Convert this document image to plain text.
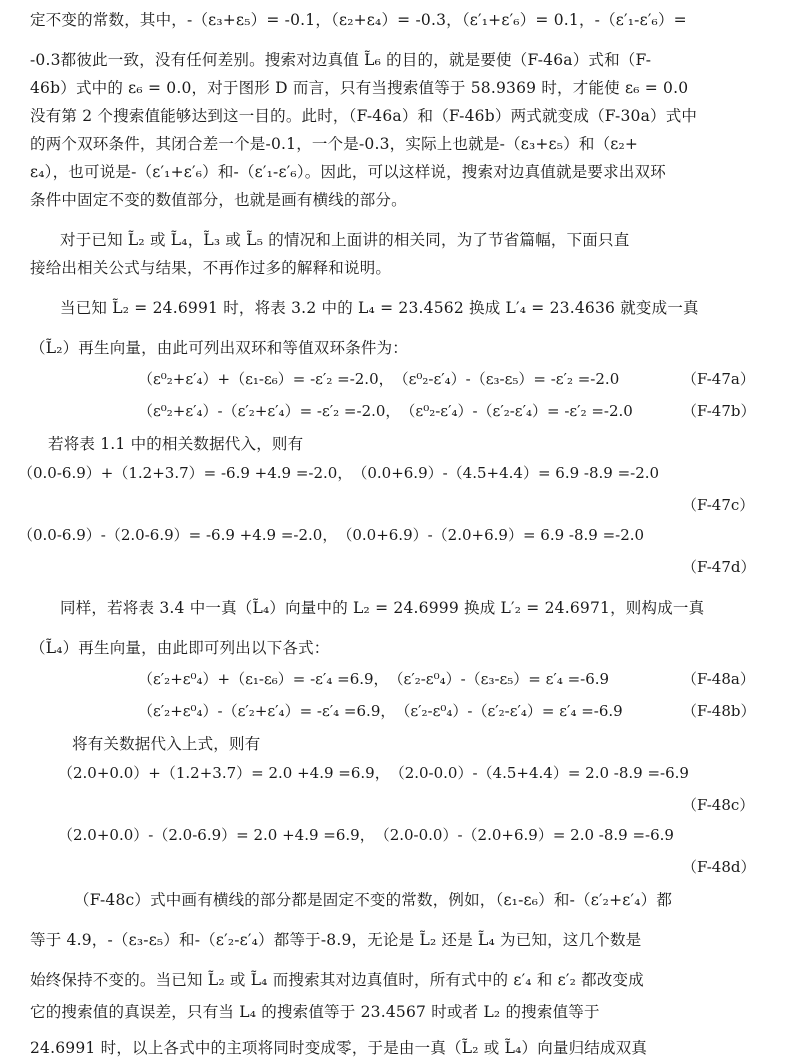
定不变的常数，其中，-（ε₃+ε₅）= -0.1，（ε₂+ε₄）= -0.3，（ε′₁+ε′₆）= 0.1，-（ε′₁-ε′₆）=
-0.3都彼此一致，没有任何差别。搜索对边真值 L̃₆ 的目的，就是要使（F-46a）式和（F-
46b）式中的 ε₆ = 0.0，对于图形 D 而言，只有当搜索值等于 58.9369 时，才能使 ε₆ = 0.0
没有第 2 个搜索值能够达到这一目的。此时，（F-46a）和（F-46b）两式就变成（F-30a）式中
的两个双环条件，其闭合差一个是-0.1，一个是-0.3，实际上也就是-（ε₃+ε₅）和（ε₂+
ε₄），也可说是-（ε′₁+ε′₆）和-（ε′₁-ε′₆）。因此，可以这样说，搜索对边真值就是要求出双环
条件中固定不变的数值部分，也就是画有横线的部分。
对于已知 L̃₂ 或 L̃₄，L̃₃ 或 L̃₅ 的情况和上面讲的相关同，为了节省篇幅，下面只直
接给出相关公式与结果，不再作过多的解释和说明。
当已知 L̃₂ = 24.6991 时，将表 3.2 中的 L₄ = 23.4562 换成 L′₄ = 23.4636 就变成一真
（L̃₂）再生向量，由此可列出双环和等值双环条件为：
（ε⁰₂+ε′₄）+（ε₁-ε₆）= -ε′₂ =-2.0，　（ε⁰₂-ε′₄）-（ε₃-ε₅）= -ε′₂ =-2.0	（F-47a）
（ε⁰₂+ε′₄）-（ε′₂+ε′₄）= -ε′₂ =-2.0，　（ε⁰₂-ε′₄）-（ε′₂-ε′₄）= -ε′₂ =-2.0	（F-47b）
若将表 1.1 中的相关数据代入，则有
（0.0-6.9）+（1.2+3.7）= -6.9 +4.9 =-2.0，　（0.0+6.9）-（4.5+4.4）= 6.9 -8.9 =-2.0
（F-47c）
（0.0-6.9）-（2.0-6.9）= -6.9 +4.9 =-2.0，　（0.0+6.9）-（2.0+6.9）= 6.9 -8.9 =-2.0
（F-47d）
同样，若将表 3.4 中一真（L̃₄）向量中的 L₂ = 24.6999 换成 L′₂ = 24.6971，则构成一真
（L̃₄）再生向量，由此即可列出以下各式：
（ε′₂+ε⁰₄）+（ε₁-ε₆）= -ε′₄ =6.9，　（ε′₂-ε⁰₄）-（ε₃-ε₅）= ε′₄ =-6.9	（F-48a）
（ε′₂+ε⁰₄）-（ε′₂+ε′₄）= -ε′₄ =6.9，　（ε′₂-ε⁰₄）-（ε′₂-ε′₄）= ε′₄ =-6.9	（F-48b）
将有关数据代入上式，则有
（2.0+0.0）+（1.2+3.7）= 2.0 +4.9 =6.9，　（2.0-0.0）-（4.5+4.4）= 2.0 -8.9 =-6.9
（F-48c）
（2.0+0.0）-（2.0-6.9）= 2.0 +4.9 =6.9，　（2.0-0.0）-（2.0+6.9）= 2.0 -8.9 =-6.9
（F-48d）
（F-48c）式中画有横线的部分都是固定不变的常数，例如，（ε₁-ε₆）和-（ε′₂+ε′₄）都
等于 4.9，-（ε₃-ε₅）和-（ε′₂-ε′₄）都等于-8.9，无论是 L̃₂ 还是 L̃₄ 为已知，这几个数是
始终保持不变的。当已知 L̃₂ 或 L̃₄ 而搜索其对边真值时，所有式中的 ε′₄ 和 ε′₂ 都改变成
它的搜索值的真误差，只有当 L₄ 的搜索值等于 23.4567 时或者 L₂ 的搜索值等于
24.6991 时，以上各式中的主项将同时变成零，于是由一真（L̃₂ 或 L̃₄）向量归结成双真
